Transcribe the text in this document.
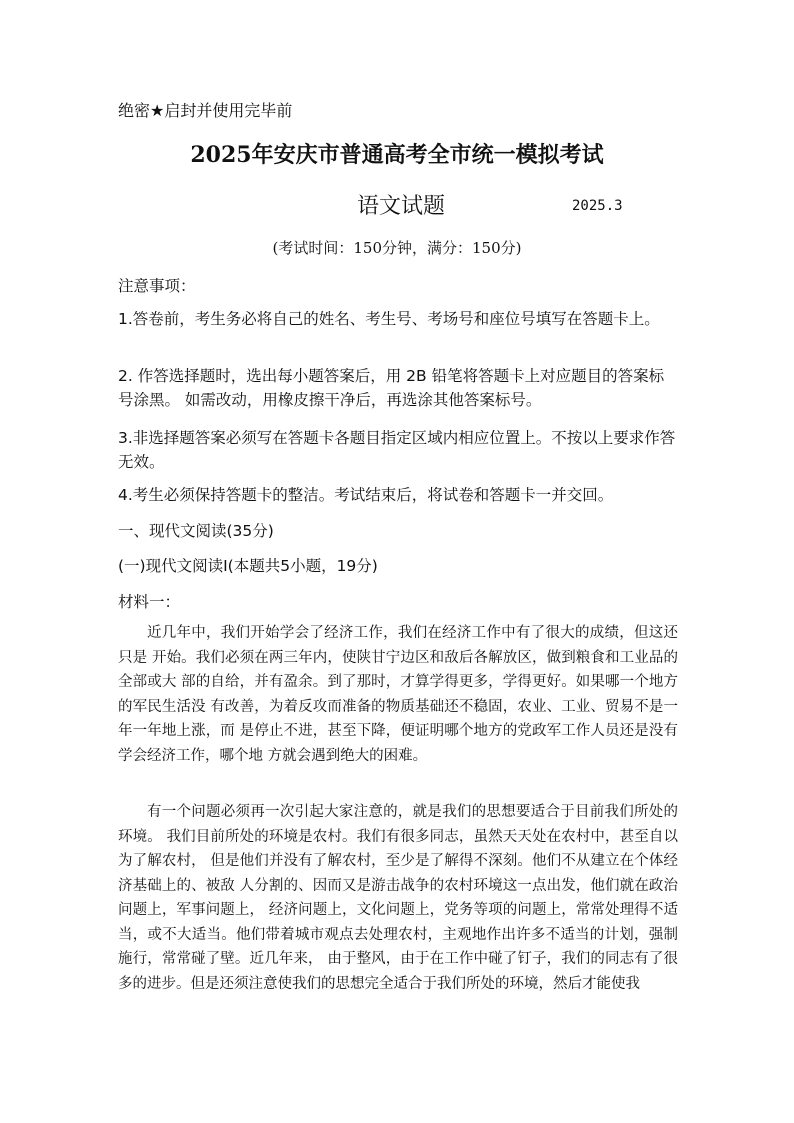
绝密★启封并使用完毕前
2025年安庆市普通高考全市统一模拟考试
语文试题	2025.3
(考试时间：150分钟，满分：150分)
注意事项：
1.答卷前，考生务必将自己的姓名、考生号、考场号和座位号填写在答题卡上。
2. 作答选择题时，选出每小题答案后，用 2B 铅笔将答题卡上对应题目的答案标号涂黑。 如需改动，用橡皮擦干净后，再选涂其他答案标号。
3.非选择题答案必须写在答题卡各题目指定区域内相应位置上。不按以上要求作答无效。
4.考生必须保持答题卡的整洁。考试结束后，将试卷和答题卡一并交回。
一、现代文阅读(35分)
(一)现代文阅读Ⅰ(本题共5小题，19分)
材料一：
近几年中，我们开始学会了经济工作，我们在经济工作中有了很大的成绩，但这还只是 开始。我们必须在两三年内，使陕甘宁边区和敌后各解放区，做到粮食和工业品的全部或大 部的自给，并有盈余。到了那时，才算学得更多，学得更好。如果哪一个地方的军民生活没 有改善，为着反攻而准备的物质基础还不稳固，农业、工业、贸易不是一年一年地上涨，而 是停止不进，甚至下降，便证明哪个地方的党政军工作人员还是没有学会经济工作，哪个地 方就会遇到绝大的困难。
有一个问题必须再一次引起大家注意的，就是我们的思想要适合于目前我们所处的环境。 我们目前所处的环境是农村。我们有很多同志，虽然天天处在农村中，甚至自以为了解农村， 但是他们并没有了解农村，至少是了解得不深刻。他们不从建立在个体经济基础上的、被敌 人分割的、因而又是游击战争的农村环境这一点出发，他们就在政治问题上，军事问题上， 经济问题上，文化问题上，党务等项的问题上，常常处理得不适当，或不大适当。他们带着城市观点去处理农村，主观地作出许多不适当的计划，强制施行，常常碰了壁。近几年来， 由于整风，由于在工作中碰了钉子，我们的同志有了很多的进步。但是还须注意使我们的思想完全适合于我们所处的环境，然后才能使我
